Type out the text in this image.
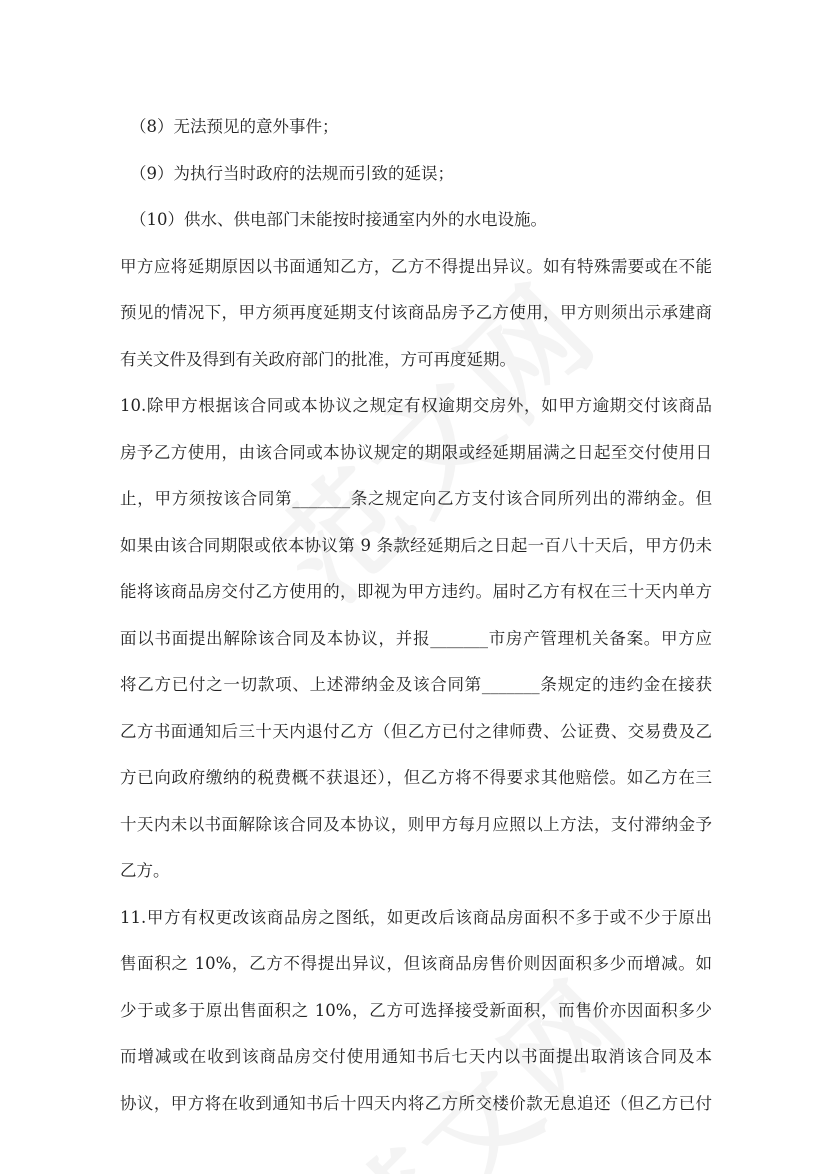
（8）无法预见的意外事件；
（9）为执行当时政府的法规而引致的延误；
（10）供水、供电部门未能按时接通室内外的水电设施。
甲方应将延期原因以书面通知乙方，乙方不得提出异议。如有特殊需要或在不能
预见的情况下，甲方须再度延期支付该商品房予乙方使用，甲方则须出示承建商
有关文件及得到有关政府部门的批准，方可再度延期。
10.除甲方根据该合同或本协议之规定有权逾期交房外，如甲方逾期交付该商品
房予乙方使用，由该合同或本协议规定的期限或经延期届满之日起至交付使用日
止，甲方须按该合同第_______条之规定向乙方支付该合同所列出的滞纳金。但
如果由该合同期限或依本协议第 9 条款经延期后之日起一百八十天后，甲方仍未
能将该商品房交付乙方使用的，即视为甲方违约。届时乙方有权在三十天内单方
面以书面提出解除该合同及本协议，并报_______市房产管理机关备案。甲方应
将乙方已付之一切款项、上述滞纳金及该合同第_______条规定的违约金在接获
乙方书面通知后三十天内退付乙方（但乙方已付之律师费、公证费、交易费及乙
方已向政府缴纳的税费概不获退还），但乙方将不得要求其他赔偿。如乙方在三
十天内未以书面解除该合同及本协议，则甲方每月应照以上方法，支付滞纳金予
乙方。
11.甲方有权更改该商品房之图纸，如更改后该商品房面积不多于或不少于原出
售面积之 10%，乙方不得提出异议，但该商品房售价则因面积多少而增减。如
少于或多于原出售面积之 10%，乙方可选择接受新面积，而售价亦因面积多少
而增减或在收到该商品房交付使用通知书后七天内以书面提出取消该合同及本
协议，甲方将在收到通知书后十四天内将乙方所交楼价款无息追还（但乙方已付
